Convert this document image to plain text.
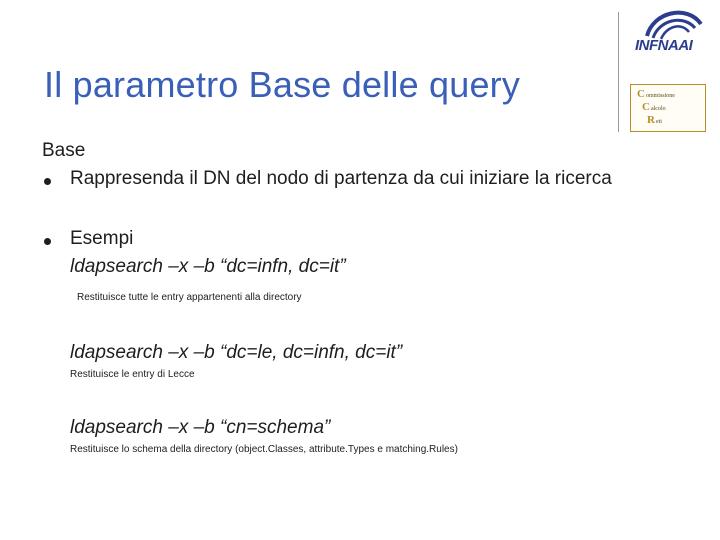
Il parametro Base delle query
INFNAAI
Commissione
Calcolo
Reti
Base
Rappresenda il DN del nodo di partenza da cui iniziare la ricerca
Esempi
ldapsearch –x –b “dc=infn, dc=it”
Restituisce tutte le entry appartenenti alla directory
ldapsearch –x –b “dc=le, dc=infn, dc=it”
Restituisce le entry di Lecce
ldapsearch –x –b “cn=schema”
Restituisce lo schema della directory (object.Classes, attribute.Types e matching.Rules)
